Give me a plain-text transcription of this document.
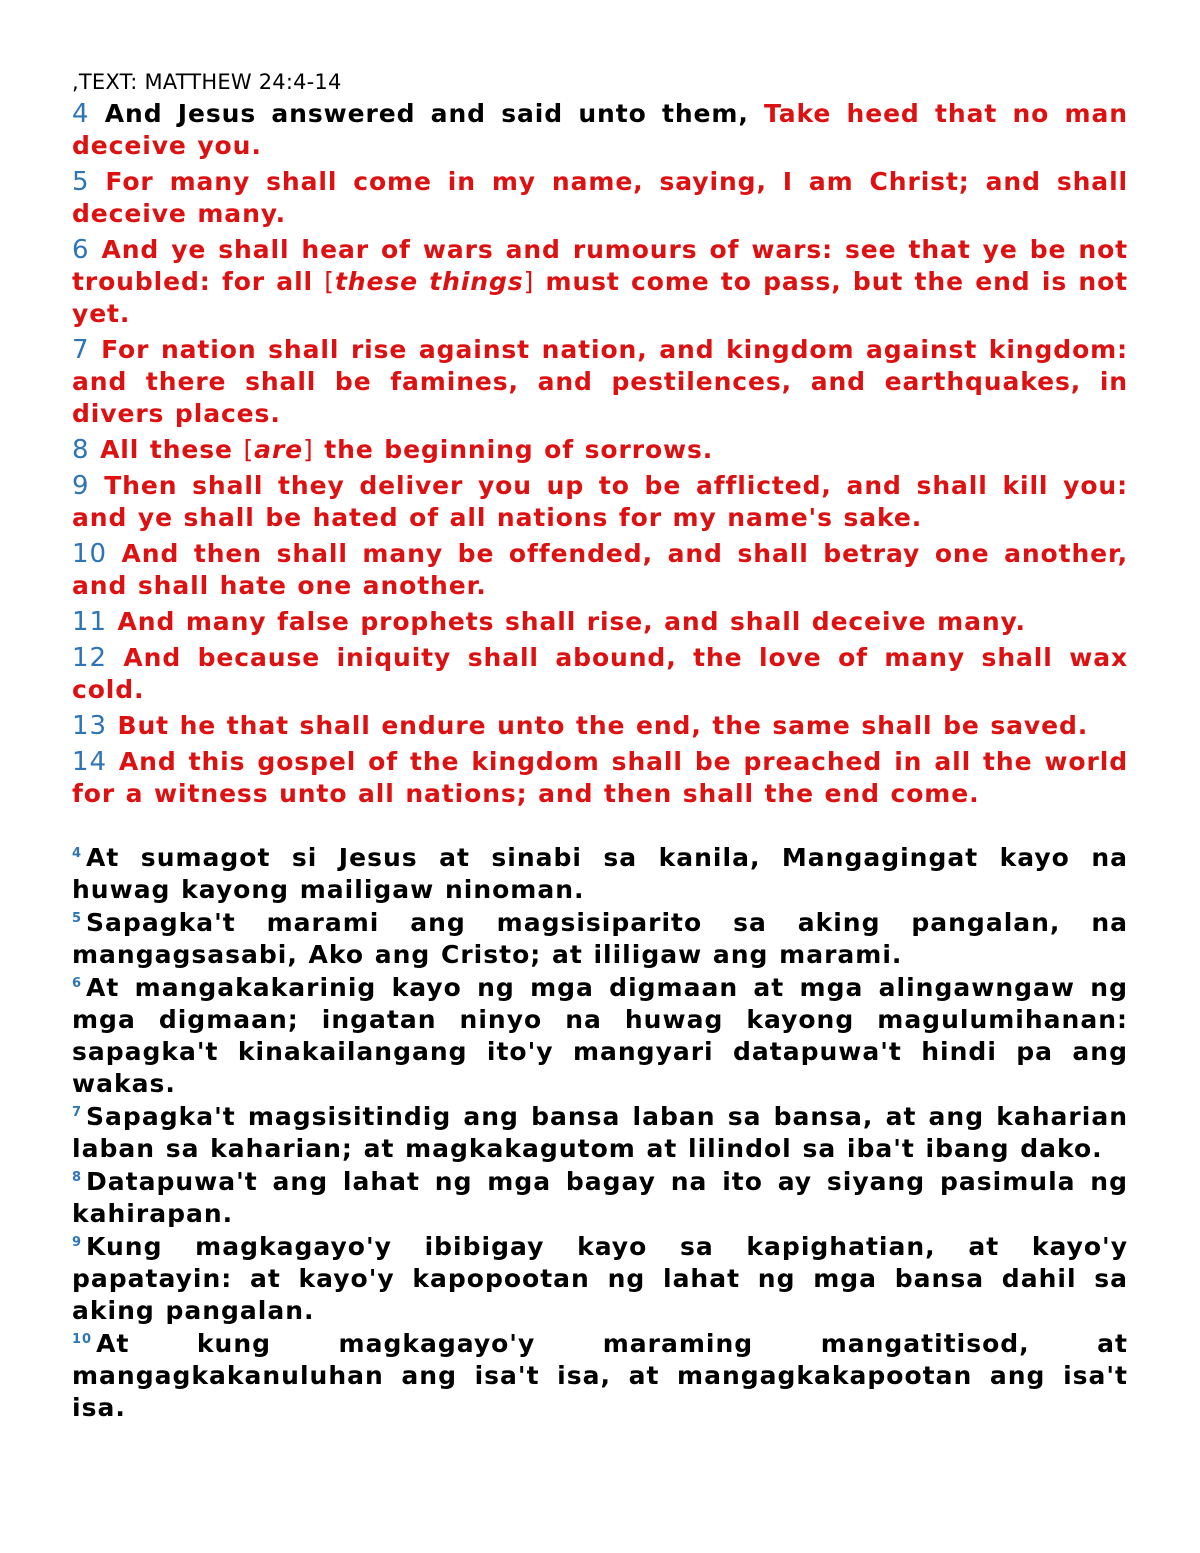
,TEXT: MATTHEW 24:4-14

4 And Jesus answered and said unto them, Take heed that no man deceive you.

5 For many shall come in my name, saying, I am Christ; and shall deceive many.

6 And ye shall hear of wars and rumours of wars: see that ye be not troubled: for all [these things] must come to pass, but the end is not yet.

7 For nation shall rise against nation, and kingdom against kingdom: and there shall be famines, and pestilences, and earthquakes, in divers places.

8 All these [are] the beginning of sorrows.

9 Then shall they deliver you up to be afflicted, and shall kill you: and ye shall be hated of all nations for my name's sake.

10 And then shall many be offended, and shall betray one another, and shall hate one another.

11 And many false prophets shall rise, and shall deceive many.

12 And because iniquity shall abound, the love of many shall wax cold.

13 But he that shall endure unto the end, the same shall be saved.

14 And this gospel of the kingdom shall be preached in all the world for a witness unto all nations; and then shall the end come.

$^4$ At sumagot si Jesus at sinabi sa kanila, Mangagingat kayo na huwag kayong mailigaw ninoman.

$^5$ Sapagka't marami ang magsisiparito sa aking pangalan, na mangagsasabi, Ako ang Cristo; at ililigaw ang marami.

$^6$ At mangakakarinig kayo ng mga digmaan at mga alingawngaw ng mga digmaan; ingatan ninyo na huwag kayong magulumihanan: sapagka't kinakailangang ito'y mangyari datapuwa't hindi pa ang wakas.

$^7$ Sapagka't magsisitindig ang bansa laban sa bansa, at ang kaharian laban sa kaharian; at magkakagutom at lilindol sa iba't ibang dako.

$^8$ Datapuwa't ang lahat ng mga bagay na ito ay siyang pasimula ng kahirapan.

$^9$ Kung magkagayo'y ibibigay kayo sa kapighatian, at kayo'y papatayin: at kayo'y kapopootan ng lahat ng mga bansa dahil sa aking pangalan.

$^{10}$ At kung magkagayo'y maraming mangatitisod, at mangagkakanuluhan ang isa't isa, at mangagkakapootan ang isa't isa.
